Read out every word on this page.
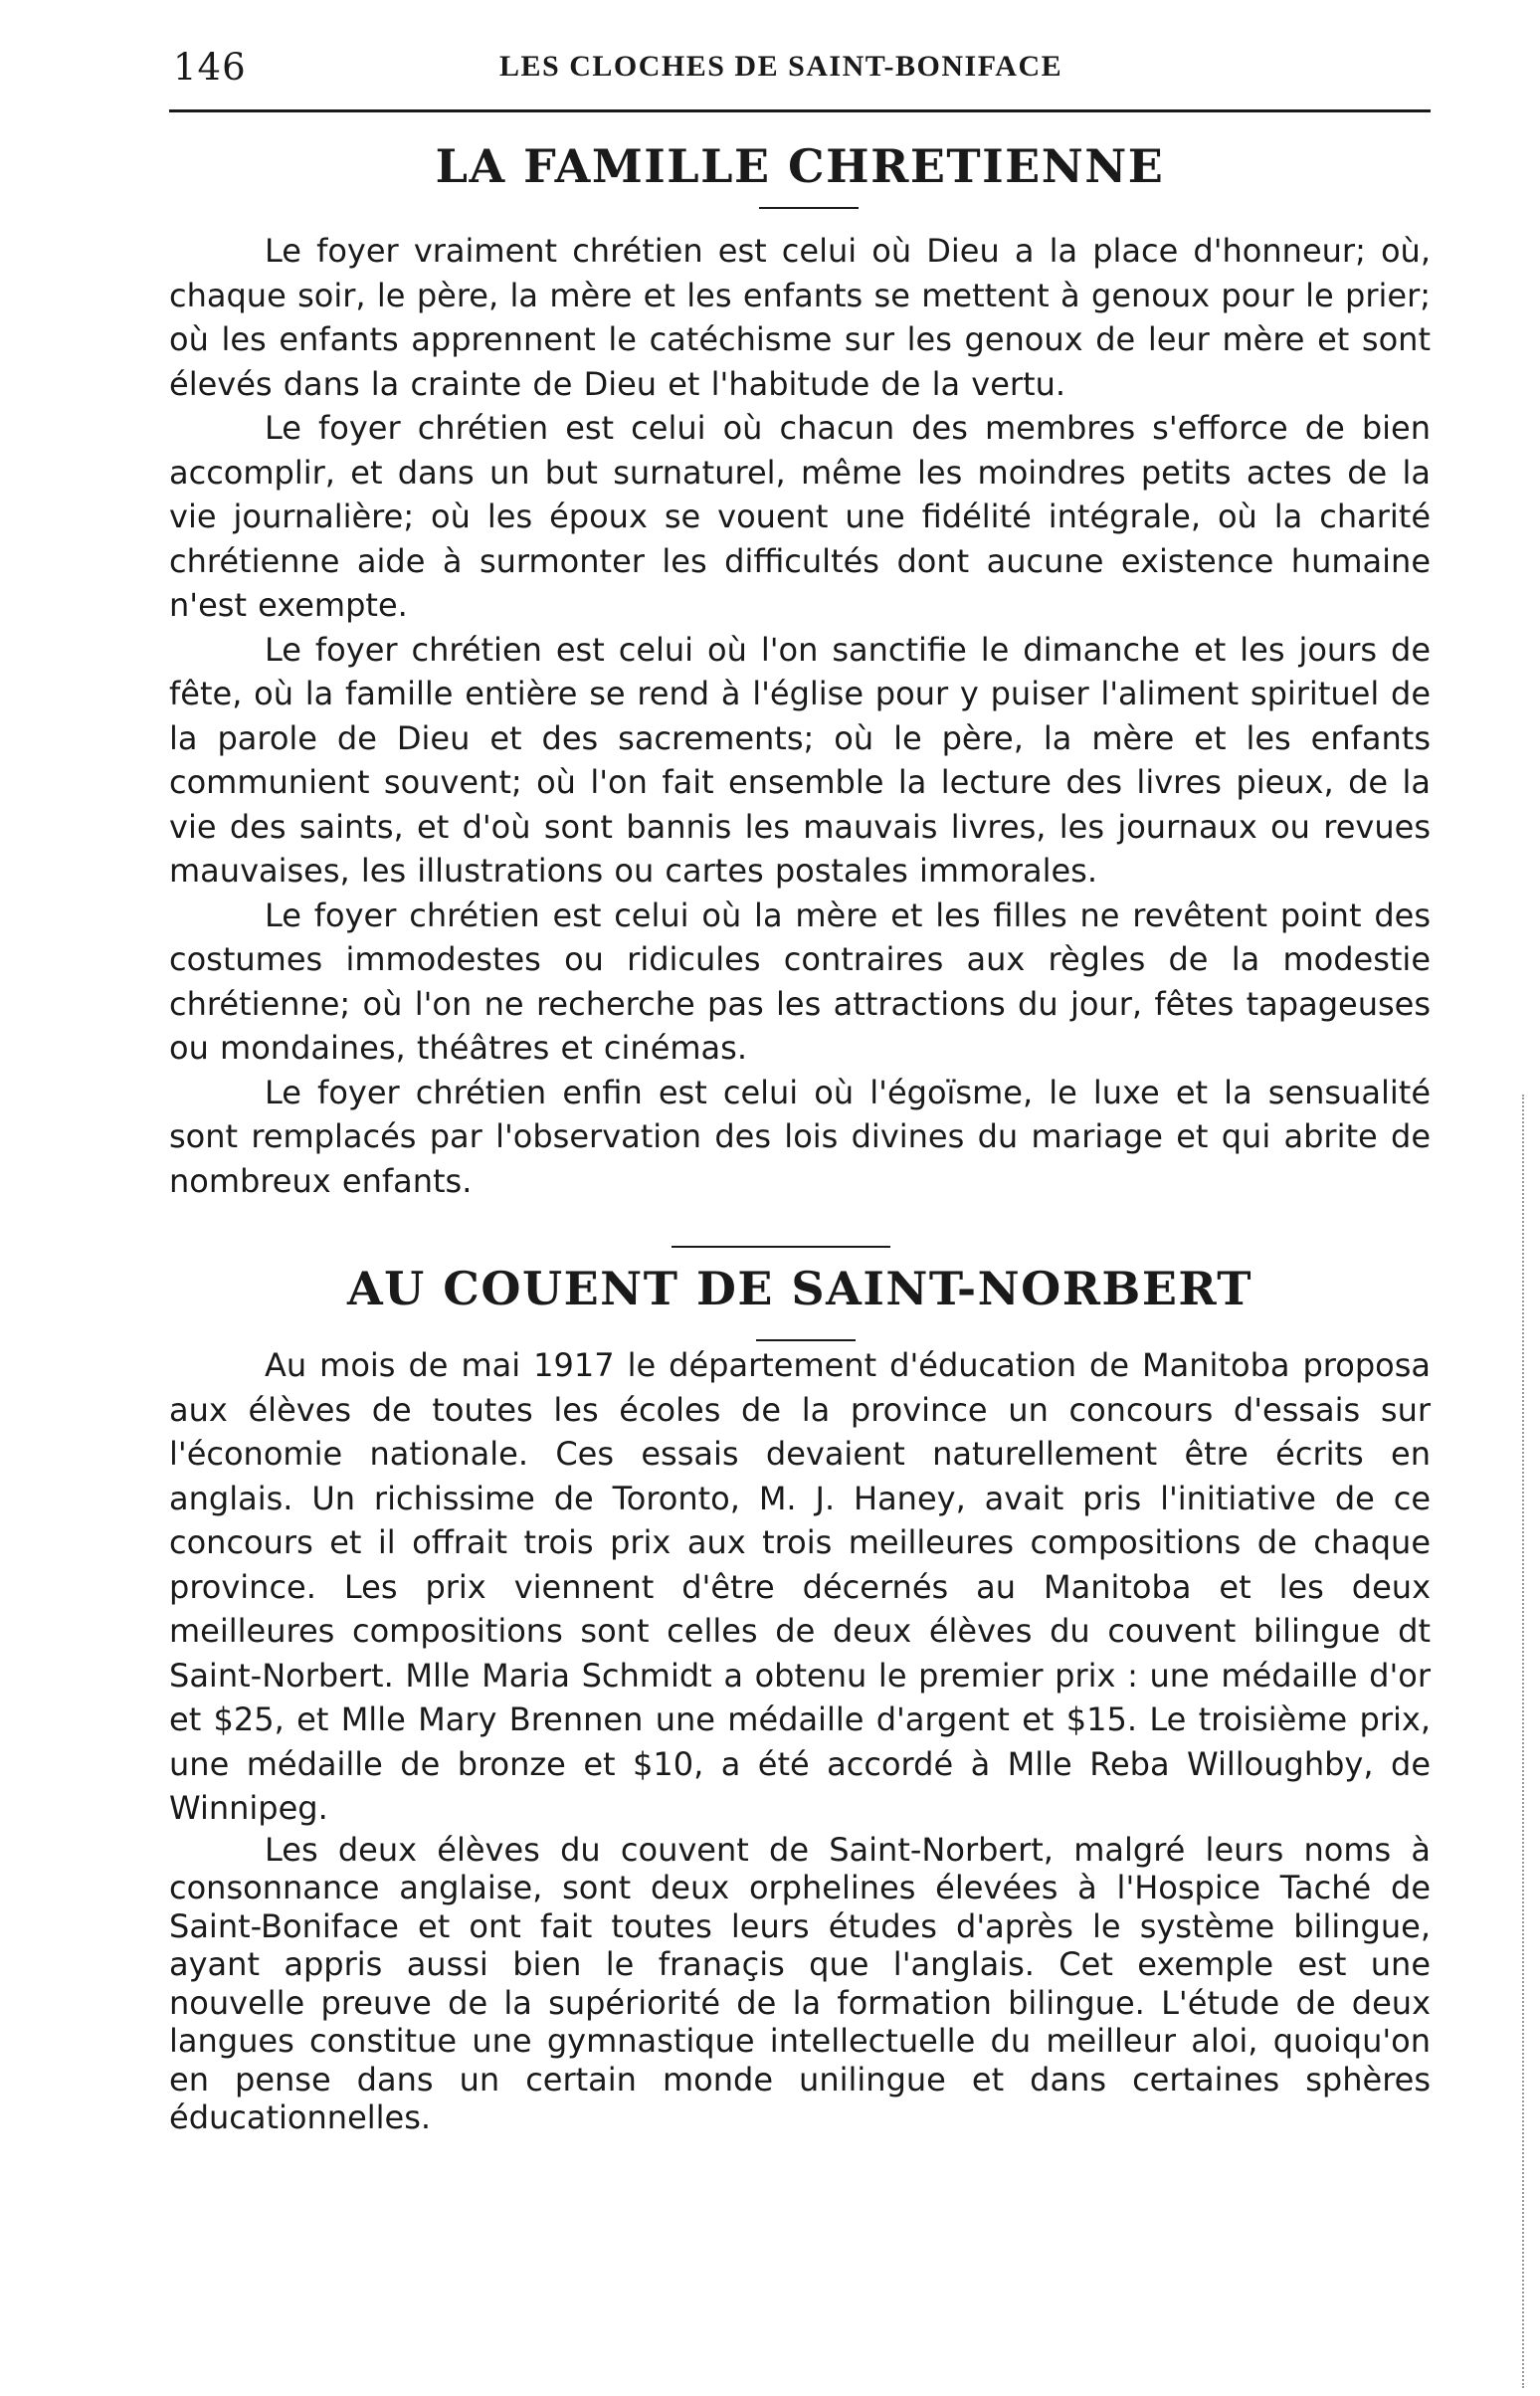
146	LES CLOCHES DE SAINT-BONIFACE
LA FAMILLE CHRETIENNE

Le foyer vraiment chrétien est celui où Dieu a la place d'honneur; où, chaque soir, le père, la mère et les enfants se mettent à genoux pour le prier; où les enfants apprennent le catéchisme sur les genoux de leur mère et sont élevés dans la crainte de Dieu et l'habitude de la vertu.

Le foyer chrétien est celui où chacun des membres s'efforce de bien accomplir, et dans un but surnaturel, même les moindres petits actes de la vie journalière; où les époux se vouent une fidélité intégrale, où la charité chrétienne aide à surmonter les difficultés dont aucune existence humaine n'est exempte.

Le foyer chrétien est celui où l'on sanctifie le dimanche et les jours de fête, où la famille entière se rend à l'église pour y puiser l'aliment spirituel de la parole de Dieu et des sacrements; où le père, la mère et les enfants communient souvent; où l'on fait ensemble la lecture des livres pieux, de la vie des saints, et d'où sont bannis les mauvais livres, les journaux ou revues mauvaises, les illustrations ou cartes postales immorales.

Le foyer chrétien est celui où la mère et les filles ne revêtent point des costumes immodestes ou ridicules contraires aux règles de la modestie chrétienne; où l'on ne recherche pas les attractions du jour, fêtes tapageuses ou mondaines, théâtres et cinémas.

Le foyer chrétien enfin est celui où l'égoïsme, le luxe et la sensualité sont remplacés par l'observation des lois divines du mariage et qui abrite de nombreux enfants.

AU COUENT DE SAINT-NORBERT

Au mois de mai 1917 le département d'éducation de Manitoba proposa aux élèves de toutes les écoles de la province un concours d'essais sur l'économie nationale. Ces essais devaient naturellement être écrits en anglais. Un richissime de Toronto, M. J. Haney, avait pris l'initiative de ce concours et il offrait trois prix aux trois meilleures compositions de chaque province. Les prix viennent d'être décernés au Manitoba et les deux meilleures compositions sont celles de deux élèves du couvent bilingue dt Saint-Norbert. Mlle Maria Schmidt a obtenu le premier prix : une médaille d'or et $25, et Mlle Mary Brennen une médaille d'argent et $15. Le troisième prix, une médaille de bronze et $10, a été accordé à Mlle Reba Willoughby, de Winnipeg.

Les deux élèves du couvent de Saint-Norbert, malgré leurs noms à consonnance anglaise, sont deux orphelines élevées à l'Hospice Taché de Saint-Boniface et ont fait toutes leurs études d'après le système bilingue, ayant appris aussi bien le franaçis que l'anglais. Cet exemple est une nouvelle preuve de la supériorité de la formation bilingue. L'étude de deux langues constitue une gymnastique intellectuelle du meilleur aloi, quoiqu'on en pense dans un certain monde unilingue et dans certaines sphères éducationnelles.
